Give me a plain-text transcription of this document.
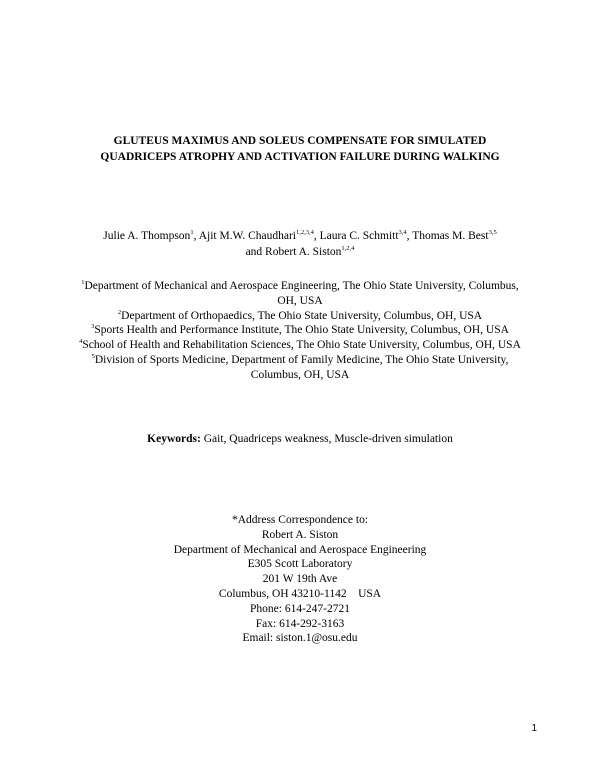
GLUTEUS MAXIMUS AND SOLEUS COMPENSATE FOR SIMULATED
QUADRICEPS ATROPHY AND ACTIVATION FAILURE DURING WALKING
Julie A. Thompson$^1$, Ajit M.W. Chaudhari$^{1,2,3,4}$, Laura C. Schmitt$^{3,4}$, Thomas M. Best$^{3,5}$
and Robert A. Siston$^{1,2,4}$
$^1$Department of Mechanical and Aerospace Engineering, The Ohio State University, Columbus,
OH, USA
$^2$Department of Orthopaedics, The Ohio State University, Columbus, OH, USA
$^3$Sports Health and Performance Institute, The Ohio State University, Columbus, OH, USA
$^4$School of Health and Rehabilitation Sciences, The Ohio State University, Columbus, OH, USA
$^5$Division of Sports Medicine, Department of Family Medicine, The Ohio State University,
Columbus, OH, USA
Keywords: Gait, Quadriceps weakness, Muscle-driven simulation
*Address Correspondence to:
Robert A. Siston
Department of Mechanical and Aerospace Engineering
E305 Scott Laboratory
201 W 19th Ave
Columbus, OH 43210-1142    USA
Phone: 614-247-2721
Fax: 614-292-3163
Email: siston.1@osu.edu
1
